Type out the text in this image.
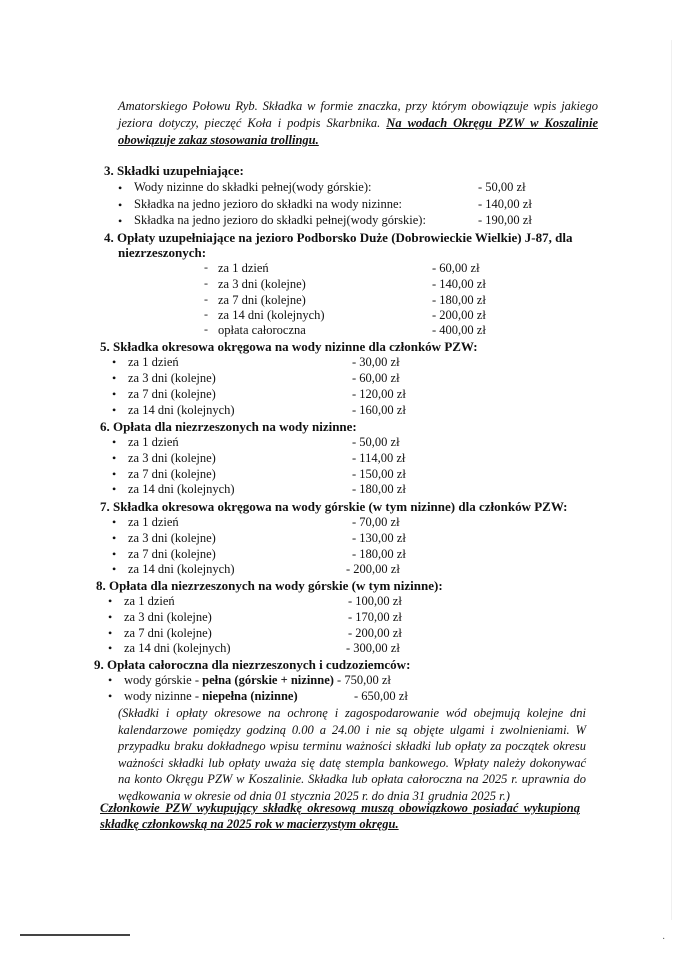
Amatorskiego Połowu Ryb. Składka w formie znaczka, przy którym obowiązuje wpis jakiego jeziora dotyczy, pieczęć Koła i podpis Skarbnika. Na wodach Okręgu PZW w Koszalinie obowiązuje zakaz stosowania trollingu.
3. Składki uzupełniające:
• Wody nizinne do składki pełnej(wody górskie):	- 50,00 zł
• Składka na jedno jezioro do składki na wody nizinne:	- 140,00 zł
• Składka na jedno jezioro do składki pełnej(wody górskie):	- 190,00 zł
4. Opłaty uzupełniające na jezioro Podborsko Duże (Dobrowieckie Wielkie) J-87, dla
niezrzeszonych:
- za 1 dzień	- 60,00 zł
- za 3 dni (kolejne)	- 140,00 zł
- za 7 dni (kolejne)	- 180,00 zł
- za 14 dni (kolejnych)	- 200,00 zł
- opłata całoroczna	- 400,00 zł
5. Składka okresowa okręgowa na wody nizinne dla członków PZW:
• za 1 dzień	- 30,00 zł
• za 3 dni (kolejne)	- 60,00 zł
• za 7 dni (kolejne)	- 120,00 zł
• za 14 dni (kolejnych)	- 160,00 zł
6. Opłata dla niezrzeszonych na wody nizinne:
• za 1 dzień	- 50,00 zł
• za 3 dni (kolejne)	- 114,00 zł
• za 7 dni (kolejne)	- 150,00 zł
• za 14 dni (kolejnych)	- 180,00 zł
7. Składka okresowa okręgowa na wody górskie (w tym nizinne) dla członków PZW:
• za 1 dzień	- 70,00 zł
• za 3 dni (kolejne)	- 130,00 zł
• za 7 dni (kolejne)	- 180,00 zł
• za 14 dni (kolejnych)	- 200,00 zł
8. Opłata dla niezrzeszonych na wody górskie (w tym nizinne):
• za 1 dzień	- 100,00 zł
• za 3 dni (kolejne)	- 170,00 zł
• za 7 dni (kolejne)	- 200,00 zł
• za 14 dni (kolejnych)	- 300,00 zł
9. Opłata całoroczna dla niezrzeszonych i cudzoziemców:
• wody górskie - pełna (górskie + nizinne) - 750,00 zł
• wody nizinne - niepełna (nizinne)	- 650,00 zł
(Składki i opłaty okresowe na ochronę i zagospodarowanie wód obejmują kolejne dni kalendarzowe pomiędzy godziną 0.00 a 24.00 i nie są objęte ulgami i zwolnieniami. W przypadku braku dokładnego wpisu terminu ważności składki lub opłaty za początek okresu ważności składki lub opłaty uważa się datę stempla bankowego. Wpłaty należy dokonywać na konto Okręgu PZW w Koszalinie. Składka lub opłata całoroczna na 2025 r. uprawnia do wędkowania w okresie od dnia 01 stycznia 2025 r. do dnia 31 grudnia 2025 r.)
Członkowie PZW wykupujący składkę okresową muszą obowiązkowo posiadać wykupioną składkę członkowską na 2025 rok w macierzystym okręgu.
·
